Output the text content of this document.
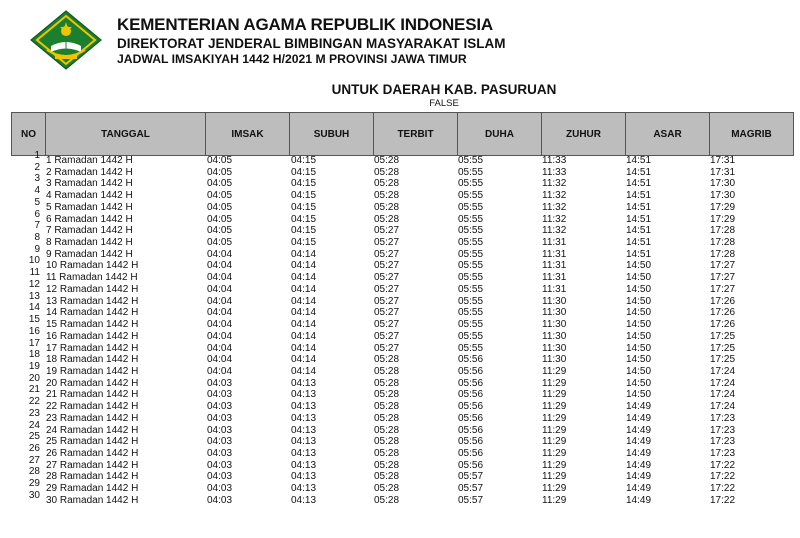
KEMENTERIAN AGAMA REPUBLIK INDONESIA
DIREKTORAT JENDERAL BIMBINGAN MASYARAKAT ISLAM
JADWAL IMSAKIYAH 1442 H/2021 M PROVINSI JAWA TIMUR
UNTUK DAERAH KAB. PASURUAN
FALSE
NO	TANGGAL	IMSAK	SUBUH	TERBIT	DUHA	ZUHUR	ASAR	MAGRIB
1 1 Ramadan 1442 H	04:05	04:15	05:28	05:55	11:33	14:51	17:31
2 2 Ramadan 1442 H	04:05	04:15	05:28	05:55	11:33	14:51	17:31
3 3 Ramadan 1442 H	04:05	04:15	05:28	05:55	11:32	14:51	17:30
4 4 Ramadan 1442 H	04:05	04:15	05:28	05:55	11:32	14:51	17:30
5 5 Ramadan 1442 H	04:05	04:15	05:28	05:55	11:32	14:51	17:29
6 6 Ramadan 1442 H	04:05	04:15	05:28	05:55	11:32	14:51	17:29
7 7 Ramadan 1442 H	04:05	04:15	05:27	05:55	11:32	14:51	17:28
8 8 Ramadan 1442 H	04:05	04:15	05:27	05:55	11:31	14:51	17:28
9 9 Ramadan 1442 H	04:04	04:14	05:27	05:55	11:31	14:51	17:28
10 10 Ramadan 1442 H	04:04	04:14	05:27	05:55	11:31	14:50	17:27
11 11 Ramadan 1442 H	04:04	04:14	05:27	05:55	11:31	14:50	17:27
12 12 Ramadan 1442 H	04:04	04:14	05:27	05:55	11:31	14:50	17:27
13 13 Ramadan 1442 H	04:04	04:14	05:27	05:55	11:30	14:50	17:26
14 14 Ramadan 1442 H	04:04	04:14	05:27	05:55	11:30	14:50	17:26
15 15 Ramadan 1442 H	04:04	04:14	05:27	05:55	11:30	14:50	17:26
16 16 Ramadan 1442 H	04:04	04:14	05:27	05:55	11:30	14:50	17:25
17 17 Ramadan 1442 H	04:04	04:14	05:27	05:55	11:30	14:50	17:25
18 18 Ramadan 1442 H	04:04	04:14	05:28	05:56	11:30	14:50	17:25
19 19 Ramadan 1442 H	04:04	04:14	05:28	05:56	11:29	14:50	17:24
20 20 Ramadan 1442 H	04:03	04:13	05:28	05:56	11:29	14:50	17:24
21 21 Ramadan 1442 H	04:03	04:13	05:28	05:56	11:29	14:50	17:24
22 22 Ramadan 1442 H	04:03	04:13	05:28	05:56	11:29	14:49	17:24
23 23 Ramadan 1442 H	04:03	04:13	05:28	05:56	11:29	14:49	17:23
24 24 Ramadan 1442 H	04:03	04:13	05:28	05:56	11:29	14:49	17:23
25 25 Ramadan 1442 H	04:03	04:13	05:28	05:56	11:29	14:49	17:23
26 26 Ramadan 1442 H	04:03	04:13	05:28	05:56	11:29	14:49	17:23
27 27 Ramadan 1442 H	04:03	04:13	05:28	05:56	11:29	14:49	17:22
28 28 Ramadan 1442 H	04:03	04:13	05:28	05:57	11:29	14:49	17:22
29 29 Ramadan 1442 H	04:03	04:13	05:28	05:57	11:29	14:49	17:22
30 30 Ramadan 1442 H	04:03	04:13	05:28	05:57	11:29	14:49	17:22
